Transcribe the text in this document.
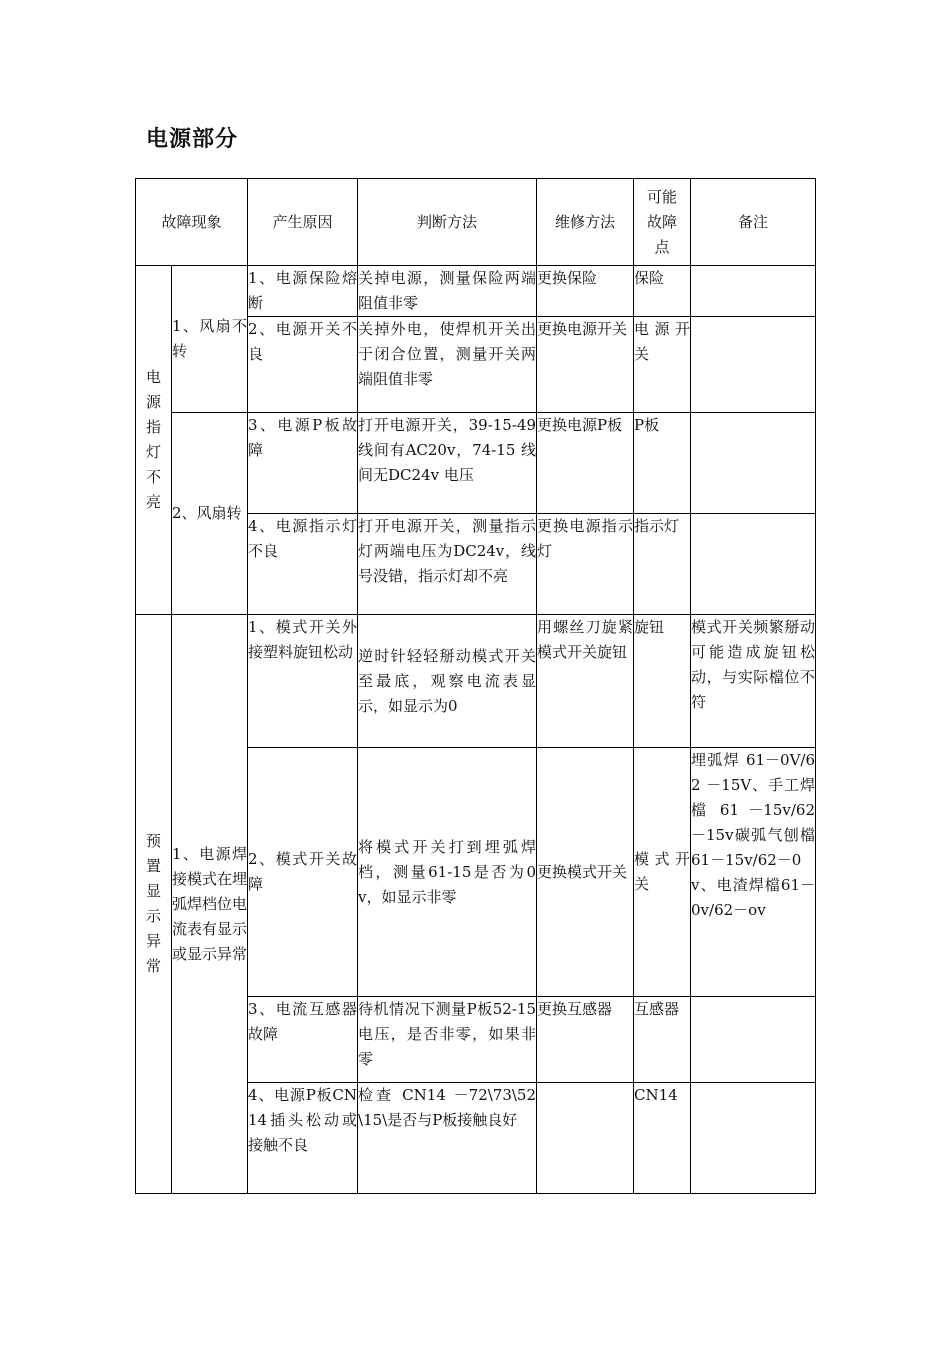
电源部分
故障现象		产生原因	判断方法	维修方法	可能故障点	备注
电源指灯不亮	1、风扇不转	1、电源保险熔断	关掉电源，测量保险两端阻值非零	更换保险	保险	
		2、电源开关不良	关掉外电，使焊机开关出于闭合位置，测量开关两端阻值非零	更换电源开关	电源开关	
	2、风扇转	3、电源P板故障	打开电源开关，39-15-49 线间有AC20v，74-15 线间无DC24v 电压	更换电源P板	P板	
		4、电源指示灯不良	打开电源开关，测量指示灯两端电压为DC24v，线号没错，指示灯却不亮	更换电源指示灯	指示灯	
预置显示异常	1、电源焊接模式在埋弧焊档位电流表有显示或显示异常	1、模式开关外接塑料旋钮松动	逆时针轻轻掰动模式开关至最底，观察电流表显示，如显示为0	用螺丝刀旋紧模式开关旋钮	旋钮	模式开关频繁掰动可能造成旋钮松动，与实际檔位不符
		2、模式开关故障	将模式开关打到埋弧焊档，测量61-15是否为0v，如显示非零	更换模式开关	模式开关	埋弧焊 61－0V/62 －15V、手工焊檔 61 －15v/62－15v碳弧气刨檔61－15v/62－0v、电渣焊檔61－0v/62－ov
		3、电流互感器故障	待机情况下测量P板52-15电压，是否非零，如果非零	更换互感器	互感器	
		4、电源P板CN14插头松动或接触不良	检查 CN14 －72\73\52\15\是否与P板接触良好		CN14	
